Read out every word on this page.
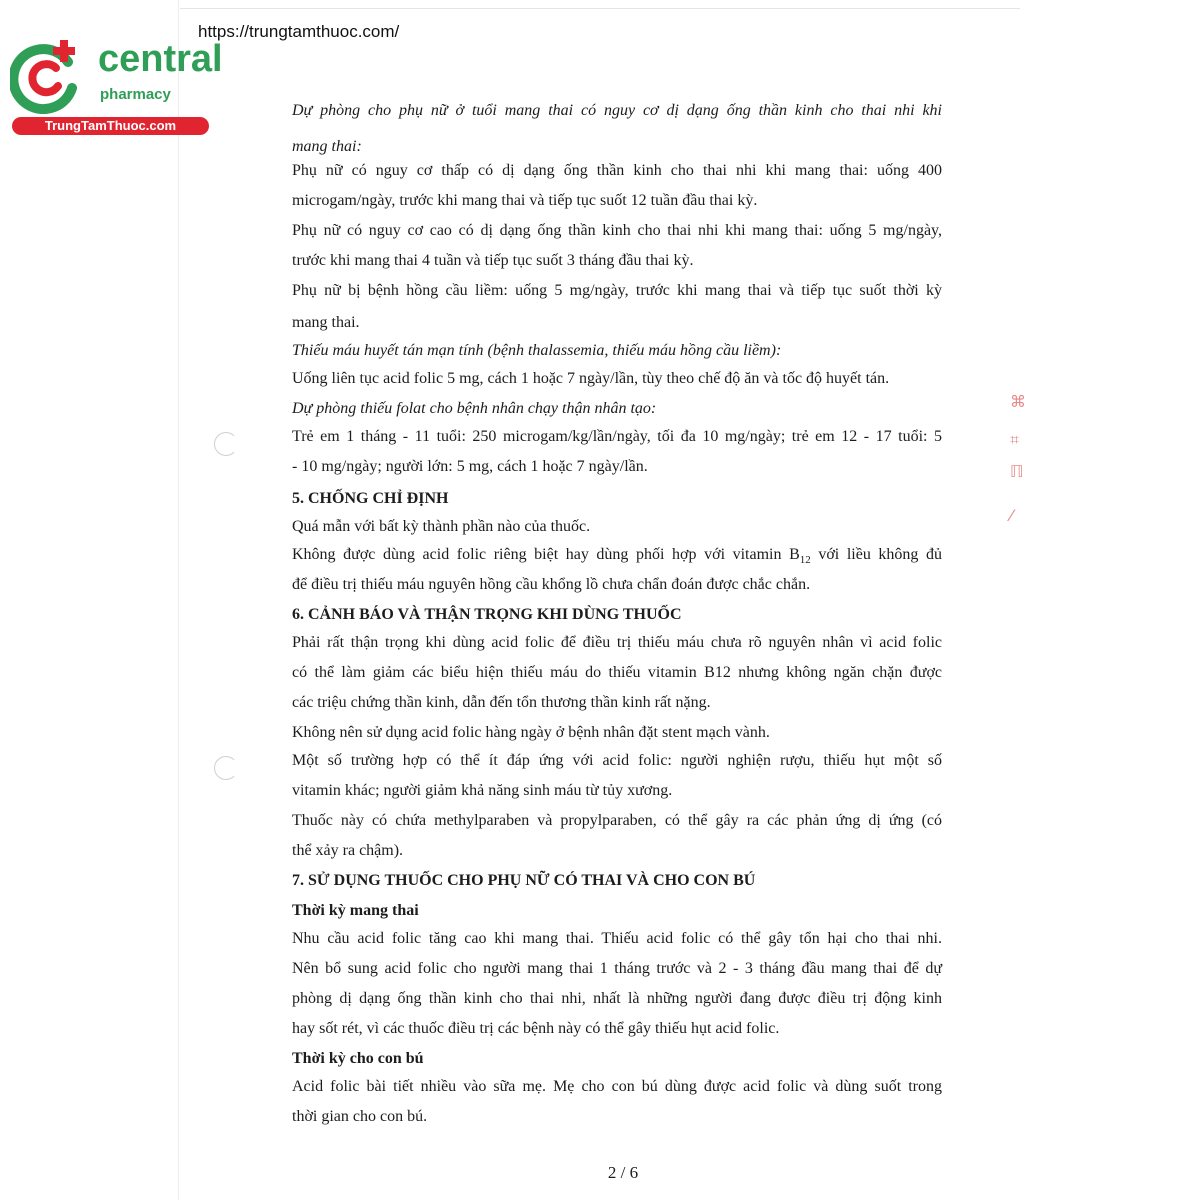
https://trungtamthuoc.com/
central
pharmacy
TrungTamThuoc.com
⌘
⌗
ℿ
⁄
Dự phòng cho phụ nữ ở tuổi mang thai có nguy cơ dị dạng ống thần kinh cho thai nhi khi
mang thai:
Phụ nữ có nguy cơ thấp có dị dạng ống thần kinh cho thai nhi khi mang thai: uống 400
microgam/ngày, trước khi mang thai và tiếp tục suốt 12 tuần đầu thai kỳ.
Phụ nữ có nguy cơ cao có dị dạng ống thần kinh cho thai nhi khi mang thai: uống 5 mg/ngày,
trước khi mang thai 4 tuần và tiếp tục suốt 3 tháng đầu thai kỳ.
Phụ nữ bị bệnh hồng cầu liềm: uống 5 mg/ngày, trước khi mang thai và tiếp tục suốt thời kỳ
mang thai.
Thiếu máu huyết tán mạn tính (bệnh thalassemia, thiếu máu hồng cầu liềm):
Uống liên tục acid folic 5 mg, cách 1 hoặc 7 ngày/lần, tùy theo chế độ ăn và tốc độ huyết tán.
Dự phòng thiếu folat cho bệnh nhân chạy thận nhân tạo:
Trẻ em 1 tháng - 11 tuổi: 250 microgam/kg/lần/ngày, tối đa 10 mg/ngày; trẻ em 12 - 17 tuổi: 5
- 10 mg/ngày; người lớn: 5 mg, cách 1 hoặc 7 ngày/lần.
5. CHỐNG CHỈ ĐỊNH
Quá mẫn với bất kỳ thành phần nào của thuốc.
Không được dùng acid folic riêng biệt hay dùng phối hợp với vitamin $B_{12}$ với liều không đủ
để điều trị thiếu máu nguyên hồng cầu khổng lồ chưa chẩn đoán được chắc chắn.
6. CẢNH BÁO VÀ THẬN TRỌNG KHI DÙNG THUỐC
Phải rất thận trọng khi dùng acid folic để điều trị thiếu máu chưa rõ nguyên nhân vì acid folic
có thể làm giảm các biểu hiện thiếu máu do thiếu vitamin B12 nhưng không ngăn chặn được
các triệu chứng thần kinh, dẫn đến tổn thương thần kinh rất nặng.
Không nên sử dụng acid folic hàng ngày ở bệnh nhân đặt stent mạch vành.
Một số trường hợp có thể ít đáp ứng với acid folic: người nghiện rượu, thiếu hụt một số
vitamin khác; người giảm khả năng sinh máu từ tủy xương.
Thuốc này có chứa methylparaben và propylparaben, có thể gây ra các phản ứng dị ứng (có
thể xảy ra chậm).
7. SỬ DỤNG THUỐC CHO PHỤ NỮ CÓ THAI VÀ CHO CON BÚ
Thời kỳ mang thai
Nhu cầu acid folic tăng cao khi mang thai. Thiếu acid folic có thể gây tổn hại cho thai nhi.
Nên bổ sung acid folic cho người mang thai 1 tháng trước và 2 - 3 tháng đầu mang thai để dự
phòng dị dạng ống thần kinh cho thai nhi, nhất là những người đang được điều trị động kinh
hay sốt rét, vì các thuốc điều trị các bệnh này có thể gây thiếu hụt acid folic.
Thời kỳ cho con bú
Acid folic bài tiết nhiều vào sữa mẹ. Mẹ cho con bú dùng được acid folic và dùng suốt trong
thời gian cho con bú.
2 / 6
